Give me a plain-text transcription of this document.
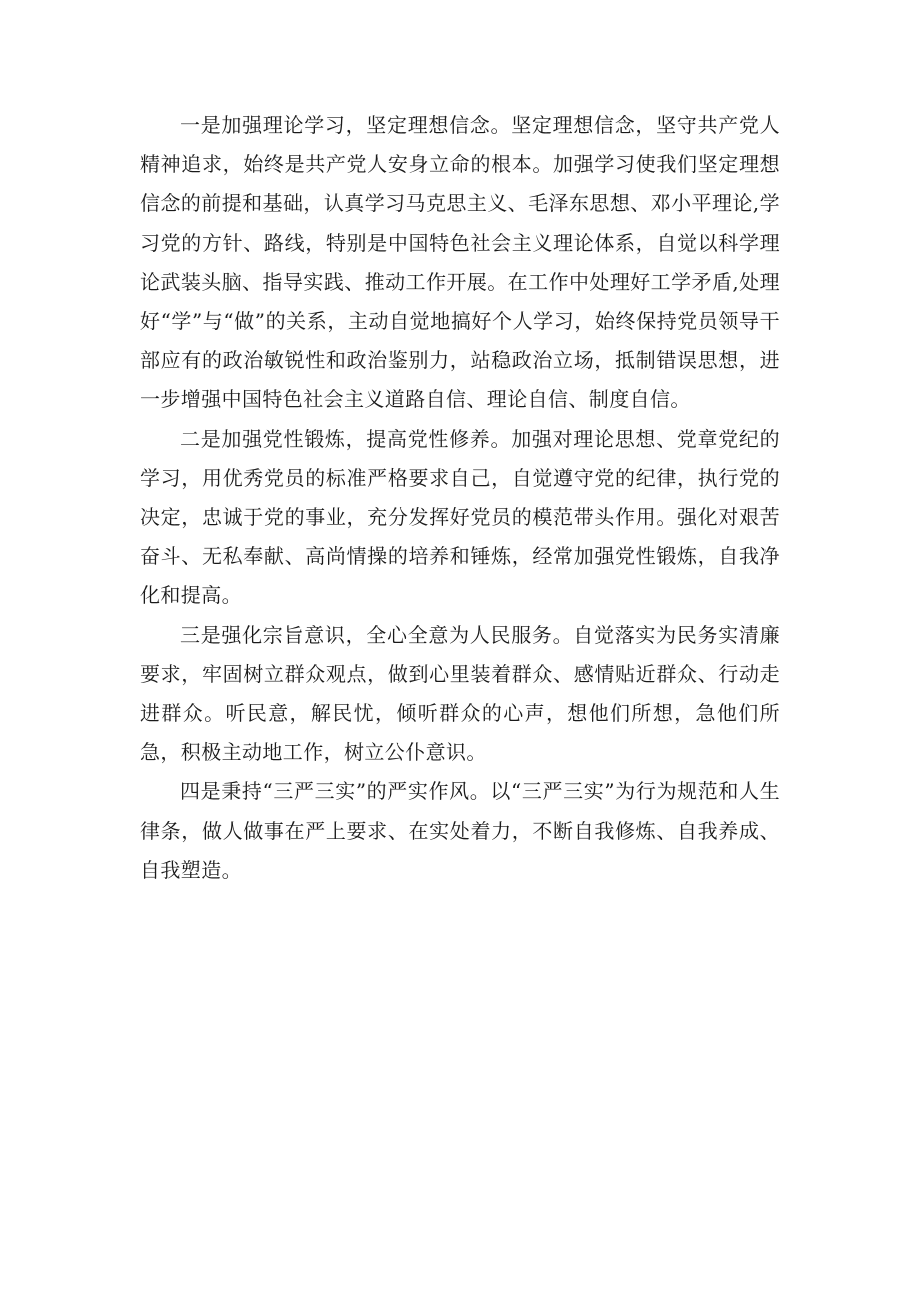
一是加强理论学习，坚定理想信念。坚定理想信念，坚守共产党人精神追求，始终是共产党人安身立命的根本。加强学习使我们坚定理想信念的前提和基础，认真学习马克思主义、毛泽东思想、邓小平理论,学习党的方针、路线，特别是中国特色社会主义理论体系，自觉以科学理论武装头脑、指导实践、推动工作开展。在工作中处理好工学矛盾,处理好“学”与“做”的关系，主动自觉地搞好个人学习，始终保持党员领导干部应有的政治敏锐性和政治鉴别力，站稳政治立场，抵制错误思想，进一步增强中国特色社会主义道路自信、理论自信、制度自信。

二是加强党性锻炼，提高党性修养。加强对理论思想、党章党纪的学习，用优秀党员的标准严格要求自己，自觉遵守党的纪律，执行党的决定，忠诚于党的事业，充分发挥好党员的模范带头作用。强化对艰苦奋斗、无私奉献、高尚情操的培养和锤炼，经常加强党性锻炼，自我净化和提高。

三是强化宗旨意识，全心全意为人民服务。自觉落实为民务实清廉要求，牢固树立群众观点，做到心里装着群众、感情贴近群众、行动走进群众。听民意，解民忧，倾听群众的心声，想他们所想，急他们所急，积极主动地工作，树立公仆意识。

四是秉持“三严三实”的严实作风。以“三严三实”为行为规范和人生律条，做人做事在严上要求、在实处着力，不断自我修炼、自我养成、自我塑造。
